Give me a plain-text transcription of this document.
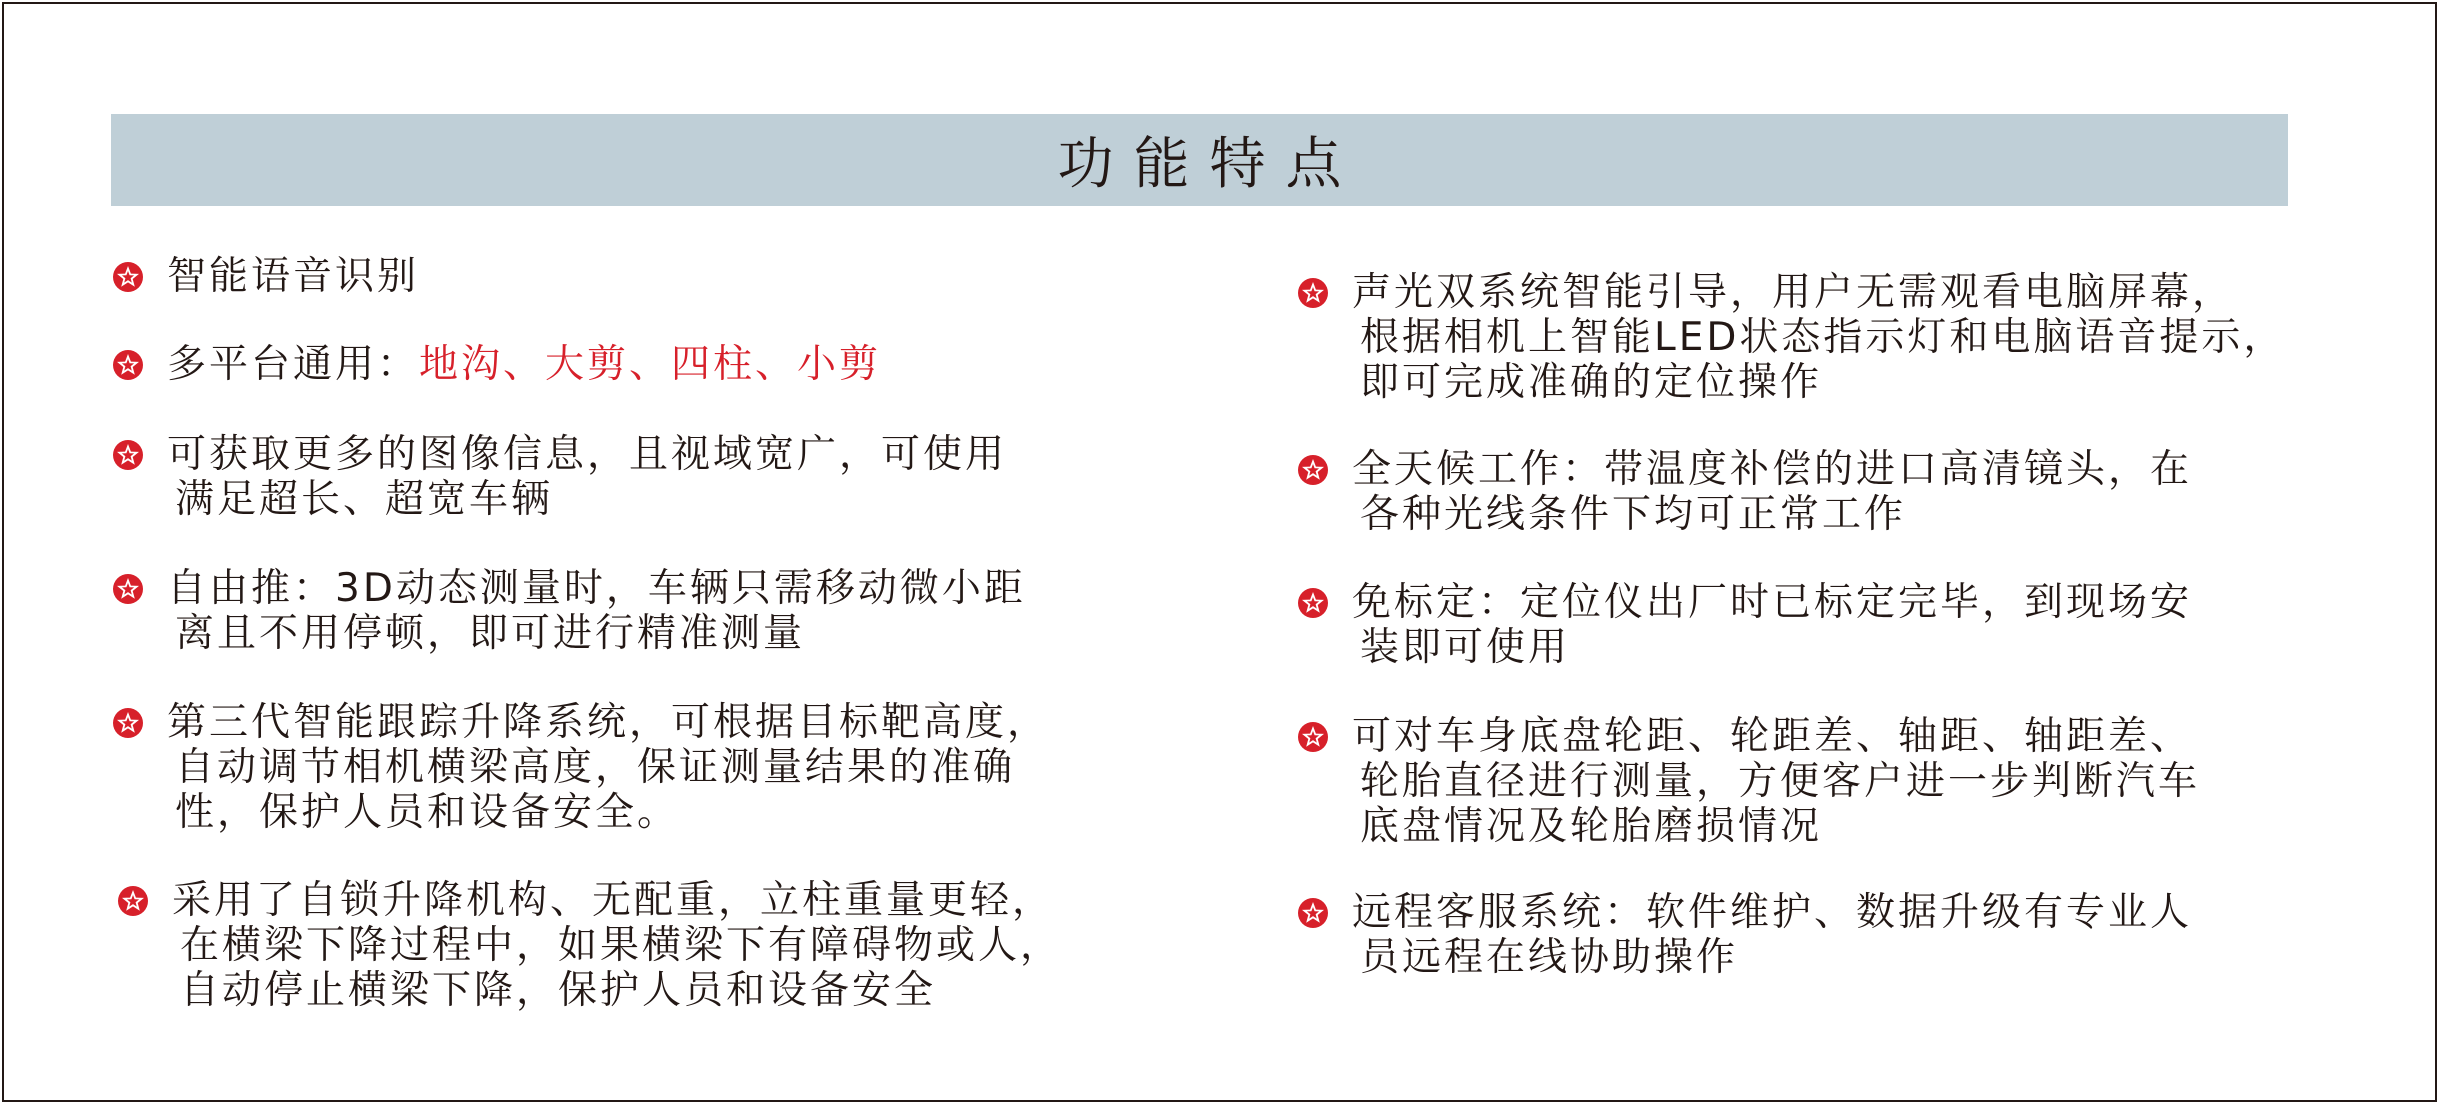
功能特点
智能语音识别
多平台通用：地沟、大剪、四柱、小剪
可获取更多的图像信息，且视域宽广，可使用
满足超长、超宽车辆
自由推：3D动态测量时，车辆只需移动微小距
离且不用停顿，即可进行精准测量
第三代智能跟踪升降系统，可根据目标靶高度，
自动调节相机横梁高度，保证测量结果的准确
性，保护人员和设备安全。
采用了自锁升降机构、无配重，立柱重量更轻，
在横梁下降过程中，如果横梁下有障碍物或人，
自动停止横梁下降，保护人员和设备安全
声光双系统智能引导，用户无需观看电脑屏幕，
根据相机上智能LED状态指示灯和电脑语音提示，
即可完成准确的定位操作
全天候工作：带温度补偿的进口高清镜头，在
各种光线条件下均可正常工作
免标定：定位仪出厂时已标定完毕，到现场安
装即可使用
可对车身底盘轮距、轮距差、轴距、轴距差、
轮胎直径进行测量，方便客户进一步判断汽车
底盘情况及轮胎磨损情况
远程客服系统：软件维护、数据升级有专业人
员远程在线协助操作
